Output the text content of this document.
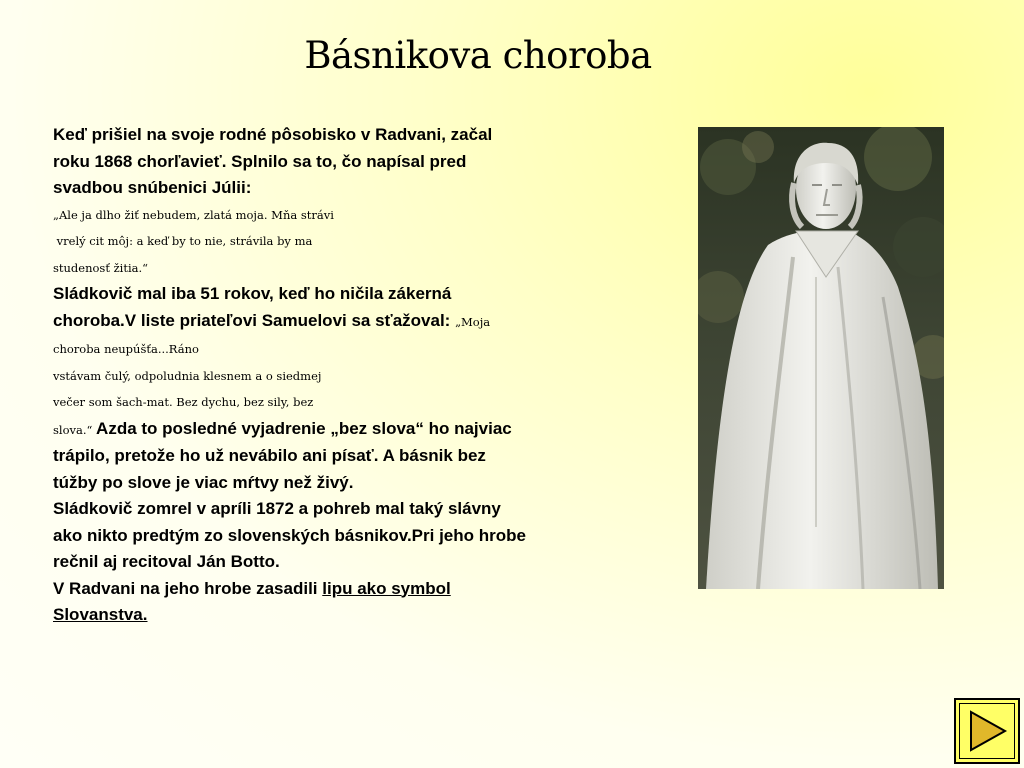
Básnikova choroba

Keď prišiel na svoje rodné pôsobisko v Radvani, začal roku 1868 chorľavieť. Splnilo sa to, čo napísal pred svadbou snúbenici Júlii:

„Ale ja dlho žiť nebudem, zlatá moja. Mňa strávi
vrelý cit môj: a keď by to nie, strávila by ma
studenosť žitia.“

Sládkovič mal iba 51 rokov, keď ho ničila zákerná choroba.V liste priateľovi Samuelovi sa sťažoval: „Moja choroba neupúšťa...Ráno

vstávam čulý, odpoludnia klesnem a o siedmej
večer som šach-mat. Bez dychu, bez sily, bez

slova.“ Azda to posledné vyjadrenie „bez slova“ ho najviac trápilo, pretože ho už nevábilo ani písať. A básnik bez túžby po slove je viac mŕtvy než živý.

Sládkovič zomrel v apríli 1872 a pohreb mal taký slávny ako nikto predtým zo slovenských básnikov.Pri jeho hrobe rečnil aj recitoval Ján Botto.

V Radvani na jeho hrobe zasadili lipu ako symbol Slovanstva.
